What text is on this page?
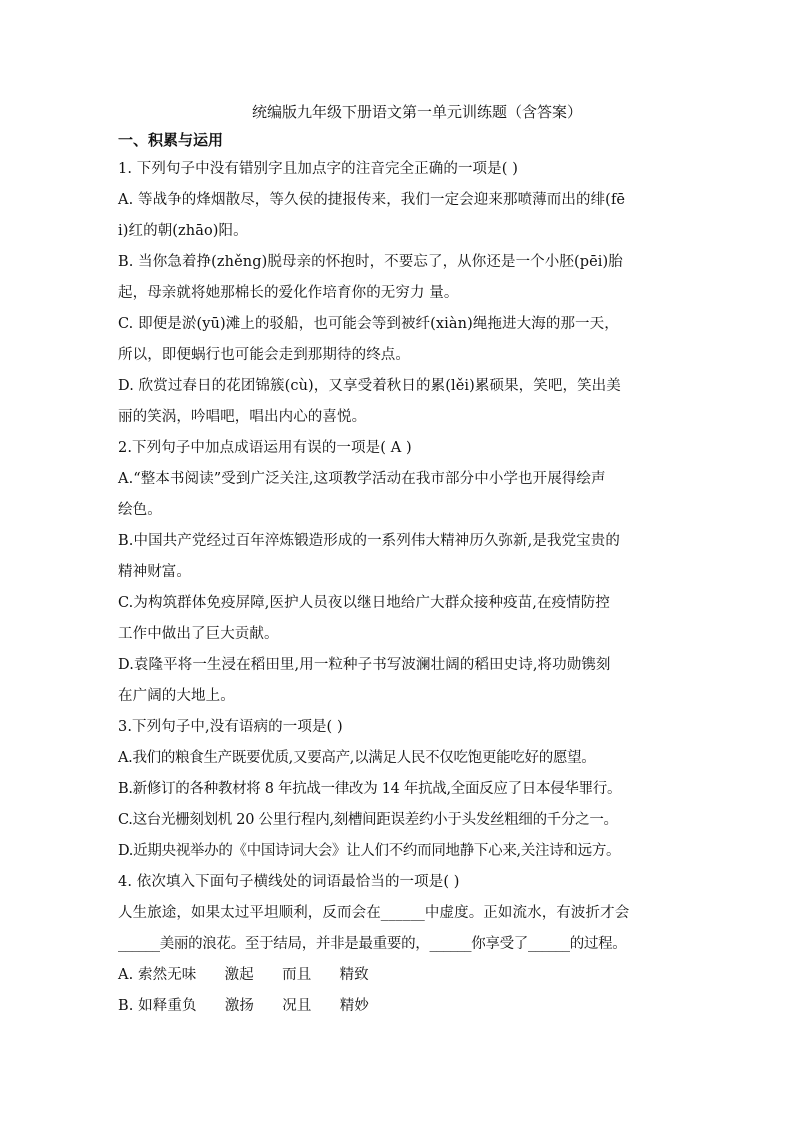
统编版九年级下册语文第一单元训练题（含答案）
一、积累与运用
1. 下列句子中没有错别字且加点字的注音完全正确的一项是( )
A. 等战争的烽烟散尽，等久侯的捷报传来，我们一定会迎来那喷薄而出的绯(fē
i)红的朝(zhāo)阳。
B. 当你急着挣(zhěng)脱母亲的怀抱时，不要忘了，从你还是一个小胚(pēi)胎
起，母亲就将她那棉长的爱化作培育你的无穷力 量。
C. 即便是淤(yū)滩上的驳船，也可能会等到被纤(xiàn)绳拖进大海的那一天，
所以，即便蜗行也可能会走到那期待的终点。
D. 欣赏过春日的花团锦簇(cù)，又享受着秋日的累(lěi)累硕果，笑吧，笑出美
丽的笑涡，吟唱吧，唱出内心的喜悦。
2.下列句子中加点成语运用有误的一项是( A )
A.“整本书阅读”受到广泛关注,这项教学活动在我市部分中小学也开展得绘声
绘色。
B.中国共产党经过百年淬炼锻造形成的一系列伟大精神历久弥新,是我党宝贵的
精神财富。
C.为构筑群体免疫屏障,医护人员夜以继日地给广大群众接种疫苗,在疫情防控
工作中做出了巨大贡献。
D.袁隆平将一生浸在稻田里,用一粒种子书写波澜壮阔的稻田史诗,将功勋镌刻
在广阔的大地上。
3.下列句子中,没有语病的一项是( )
A.我们的粮食生产既要优质,又要高产,以满足人民不仅吃饱更能吃好的愿望。
B.新修订的各种教材将 8 年抗战一律改为 14 年抗战,全面反应了日本侵华罪行。
C.这台光栅刻划机 20 公里行程内,刻槽间距误差约小于头发丝粗细的千分之一。
D.近期央视举办的《中国诗词大会》让人们不约而同地静下心来,关注诗和远方。
4. 依次填入下面句子横线处的词语最恰当的一项是( )
人生旅途，如果太过平坦顺利，反而会在______中虚度。正如流水，有波折才会
______美丽的浪花。至于结局，并非是最重要的，______你享受了______的过程。
A. 索然无味      激起      而且      精致
B. 如释重负      激扬      况且      精妙
